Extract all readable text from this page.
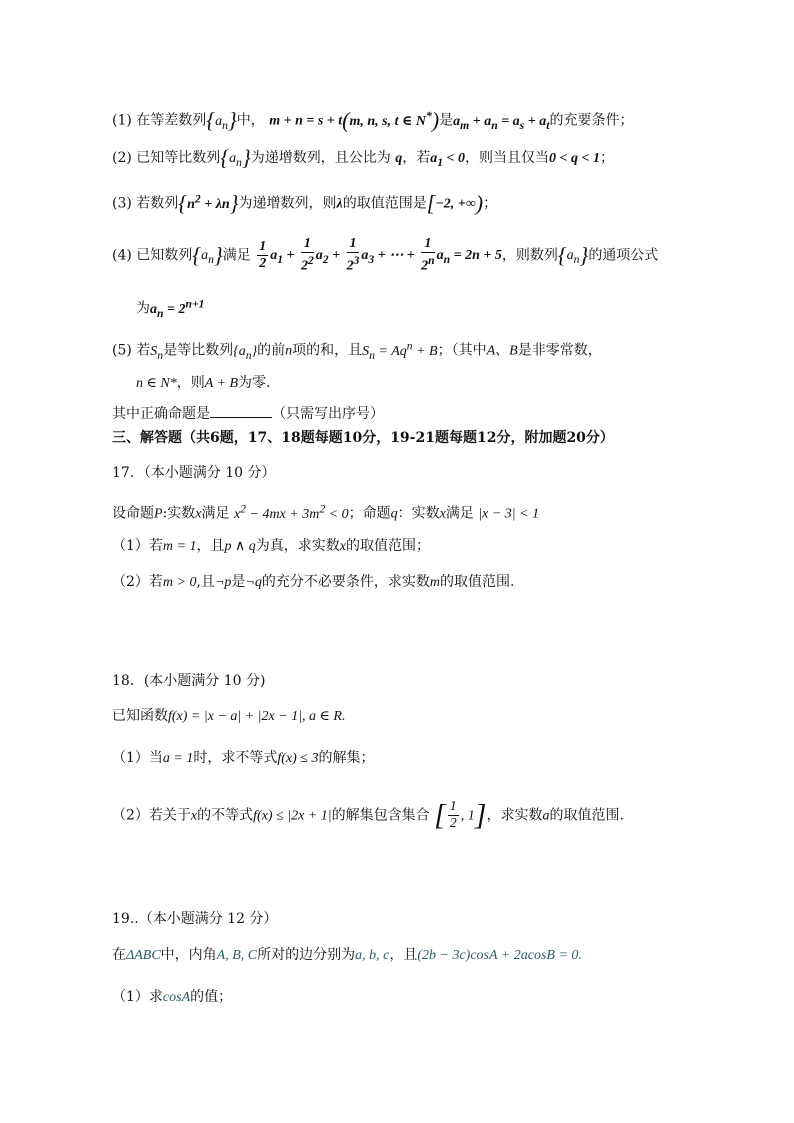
(1) 在等差数列$\{a_n\}$中， m + n = s + t(m, n, s, t ∈ N*)是$a_m + a_n = a_s + a_t$的充要条件；
(2) 已知等比数列$\{a_n\}$为递增数列，且公比为 q，若$a_1 < 0$，则当且仅当0 < q < 1；
(3) 若数列$\{n^2 + \lambda n\}$为递增数列，则λ的取值范围是[−2, +∞)；
(4) 已知数列$\{a_n\}$满足 $\frac{1}{2} a_1 + \frac{1}{2^2} a_2 + \frac{1}{2^3} a_3$ + ⋯ + $\frac{1}{2^n} a_n = 2n + 5$，则数列$\{a_n\}$的通项公式
为$a_n = 2^{n+1}$
(5) 若$S_n$是等比数列$\{a_n\}$的前n项的和，且$S_n = Aq^n + B$；（其中A、B是非零常数，
n ∈ N*，则A + B为零.
其中正确命题是	（只需写出序号）
三、解答题（共6题，17、18题每题10分，19-21题每题12分，附加题20分）
17．（本小题满分 10 分）
设命题P:实数x满足 $x^2 - 4mx + 3m^2 < 0$；命题q：实数x满足 |x − 3| < 1
（1）若m = 1，且p ∧ q为真，求实数x的取值范围；
（2）若m > 0,且¬p是¬q的充分不必要条件，求实数m的取值范围.
18．(本小题满分 10 分)
已知函数f(x) = |x − a| + |2x − 1|, a ∈ R.
（1）当a = 1时，求不等式f(x) ≤ 3的解集；
（2）若关于x的不等式f(x) ≤ |2x + 1|的解集包含集合 [ $\frac{1}{2}$ , 1]，求实数a的取值范围.
19..（本小题满分 12 分）
在ΔABC中，内角A, B, C所对的边分别为a, b, c，且(2b − 3c)cosA + 2acosB = 0.
（1）求cosA的值；
